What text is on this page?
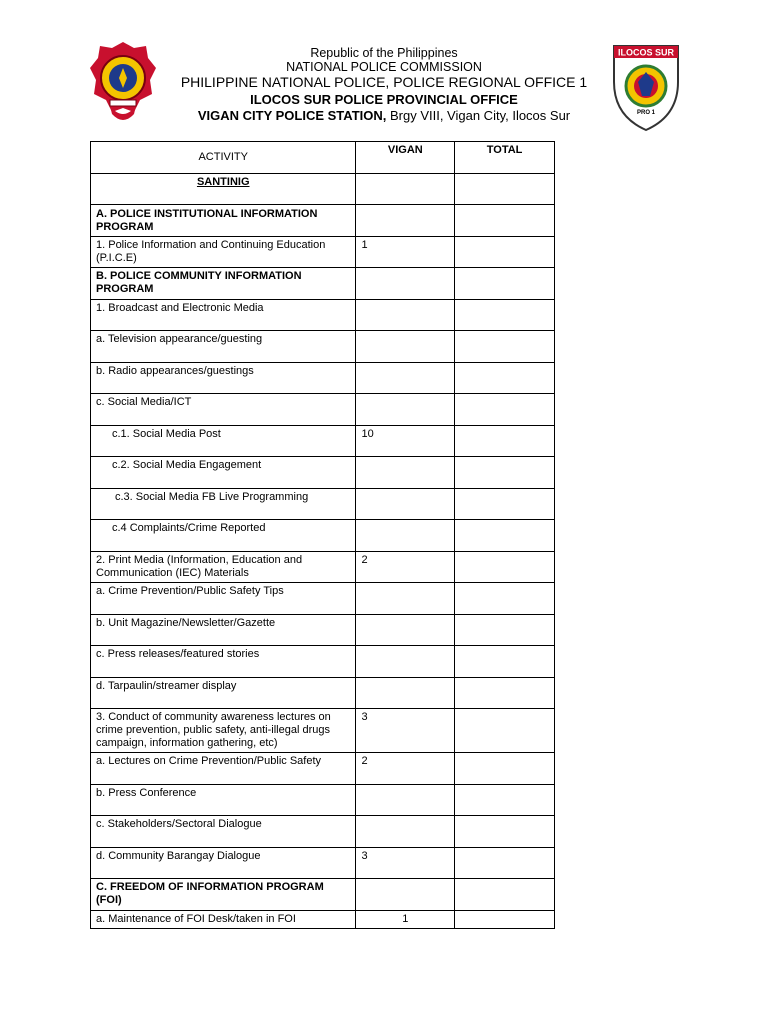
ILOCOS SUR
PRO 1
Republic of the Philippines
NATIONAL POLICE COMMISSION
PHILIPPINE NATIONAL POLICE, POLICE REGIONAL OFFICE 1
ILOCOS SUR POLICE PROVINCIAL OFFICE
VIGAN CITY POLICE STATION, Brgy VIII, Vigan City, Ilocos Sur
ACTIVITY	VIGAN	TOTAL
SANTINIG		
A. POLICE INSTITUTIONAL INFORMATION PROGRAM		
1. Police Information and Continuing Education (P.I.C.E)	1	
B. POLICE COMMUNITY INFORMATION PROGRAM		
1. Broadcast and Electronic Media		
a. Television appearance/guesting		
b. Radio appearances/guestings		
c. Social Media/ICT		
c.1. Social Media Post	10	
c.2. Social Media Engagement		
c.3. Social Media FB Live Programming		
c.4 Complaints/Crime Reported		
2. Print Media (Information, Education and Communication (IEC) Materials	2	
a. Crime Prevention/Public Safety Tips		
b. Unit Magazine/Newsletter/Gazette		
c. Press releases/featured stories		
d. Tarpaulin/streamer display		
3. Conduct of community awareness lectures on crime prevention, public safety, anti-illegal drugs campaign, information gathering, etc)	3	
a. Lectures on Crime Prevention/Public Safety	2	
b. Press Conference		
c. Stakeholders/Sectoral Dialogue		
d. Community Barangay Dialogue	3	
C. FREEDOM OF INFORMATION PROGRAM (FOI)		
a. Maintenance of FOI Desk/taken in FOI	1	
